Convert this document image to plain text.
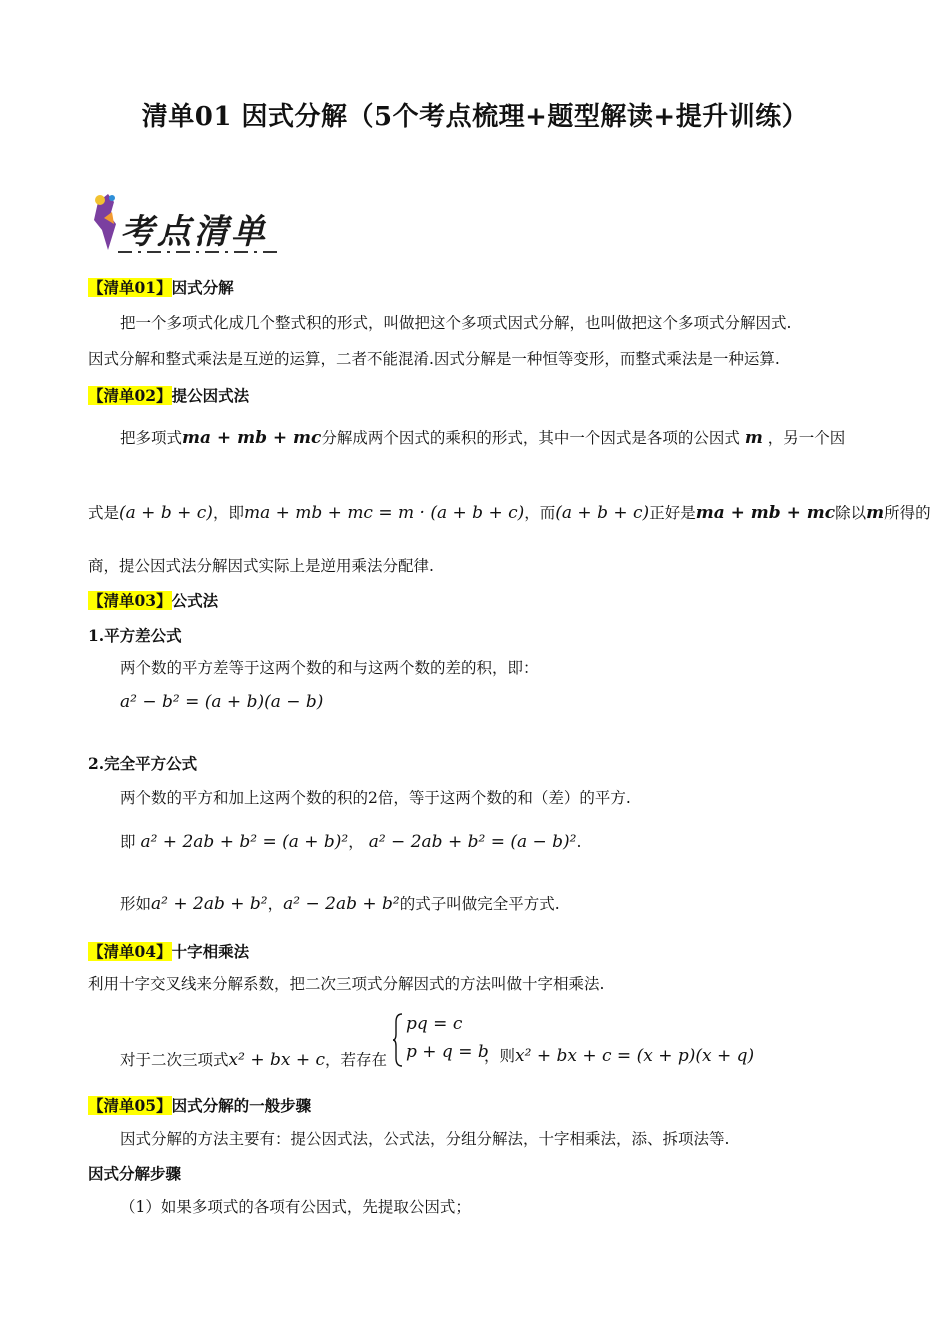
清单01 因式分解（5个考点梳理+题型解读+提升训练）
考点清单
【清单01】因式分解
把一个多项式化成几个整式积的形式，叫做把这个多项式因式分解，也叫做把这个多项式分解因式.
因式分解和整式乘法是互逆的运算，二者不能混淆.因式分解是一种恒等变形，而整式乘法是一种运算.
【清单02】提公因式法
把多项式ma + mb + mc分解成两个因式的乘积的形式，其中一个因式是各项的公因式 m ，另一个因
式是(a + b + c)，即ma + mb + mc = m · (a + b + c)，而(a + b + c)正好是ma + mb + mc除以m所得的
商，提公因式法分解因式实际上是逆用乘法分配律.
【清单03】公式法
1.平方差公式
两个数的平方差等于这两个数的和与这两个数的差的积，即：
a² − b² = (a + b)(a − b)
2.完全平方公式
两个数的平方和加上这两个数的积的2倍，等于这两个数的和（差）的平方.
即 a² + 2ab + b² = (a + b)²， a² − 2ab + b² = (a − b)².
形如a² + 2ab + b²，a² − 2ab + b²的式子叫做完全平方式.
【清单04】十字相乘法
利用十字交叉线来分解系数，把二次三项式分解因式的方法叫做十字相乘法.
对于二次三项式x² + bx + c，若存在
pq = c
p + q = b
，则x² + bx + c = (x + p)(x + q)
【清单05】因式分解的一般步骤
因式分解的方法主要有：提公因式法，公式法，分组分解法，十字相乘法，添、拆项法等.
因式分解步骤
（1）如果多项式的各项有公因式，先提取公因式；
